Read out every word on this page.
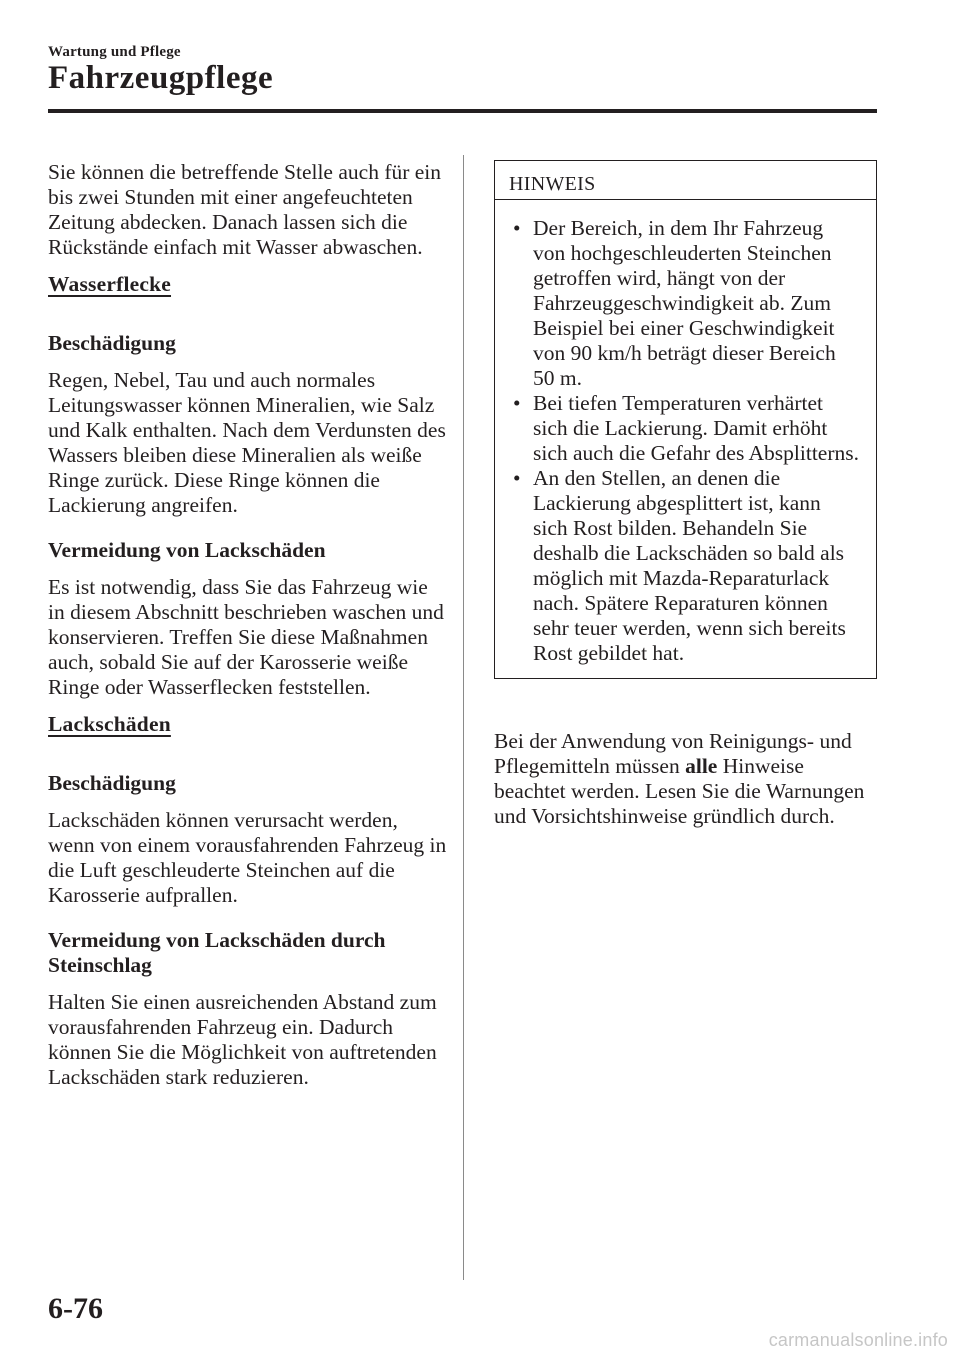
Wartung und Pflege
Fahrzeugpflege

Sie können die betreffende Stelle auch für ein bis zwei Stunden mit einer angefeuchteten Zeitung abdecken. Danach lassen sich die Rückstände einfach mit Wasser abwaschen.

Wasserflecke

Beschädigung

Regen, Nebel, Tau und auch normales Leitungswasser können Mineralien, wie Salz und Kalk enthalten. Nach dem Verdunsten des Wassers bleiben diese Mineralien als weiße Ringe zurück. Diese Ringe können die Lackierung angreifen.

Vermeidung von Lackschäden

Es ist notwendig, dass Sie das Fahrzeug wie in diesem Abschnitt beschrieben waschen und konservieren. Treffen Sie diese Maßnahmen auch, sobald Sie auf der Karosserie weiße Ringe oder Wasserflecken feststellen.

Lackschäden

Beschädigung

Lackschäden können verursacht werden, wenn von einem vorausfahrenden Fahrzeug in die Luft geschleuderte Steinchen auf die Karosserie aufprallen.

Vermeidung von Lackschäden durch Steinschlag

Halten Sie einen ausreichenden Abstand zum vorausfahrenden Fahrzeug ein. Dadurch können Sie die Möglichkeit von auftretenden Lackschäden stark reduzieren.

HINWEIS
• Der Bereich, in dem Ihr Fahrzeug von hochgeschleuderten Steinchen getroffen wird, hängt von der Fahrzeuggeschwindigkeit ab. Zum Beispiel bei einer Geschwindigkeit von 90 km/h beträgt dieser Bereich 50 m.
• Bei tiefen Temperaturen verhärtet sich die Lackierung. Damit erhöht sich auch die Gefahr des Absplitterns.
• An den Stellen, an denen die Lackierung abgesplittert ist, kann sich Rost bilden. Behandeln Sie deshalb die Lackschäden so bald als möglich mit Mazda-Reparaturlack nach. Spätere Reparaturen können sehr teuer werden, wenn sich bereits Rost gebildet hat.

Bei der Anwendung von Reinigungs- und Pflegemitteln müssen alle Hinweise beachtet werden. Lesen Sie die Warnungen und Vorsichtshinweise gründlich durch.

6-76
carmanualsonline.info
